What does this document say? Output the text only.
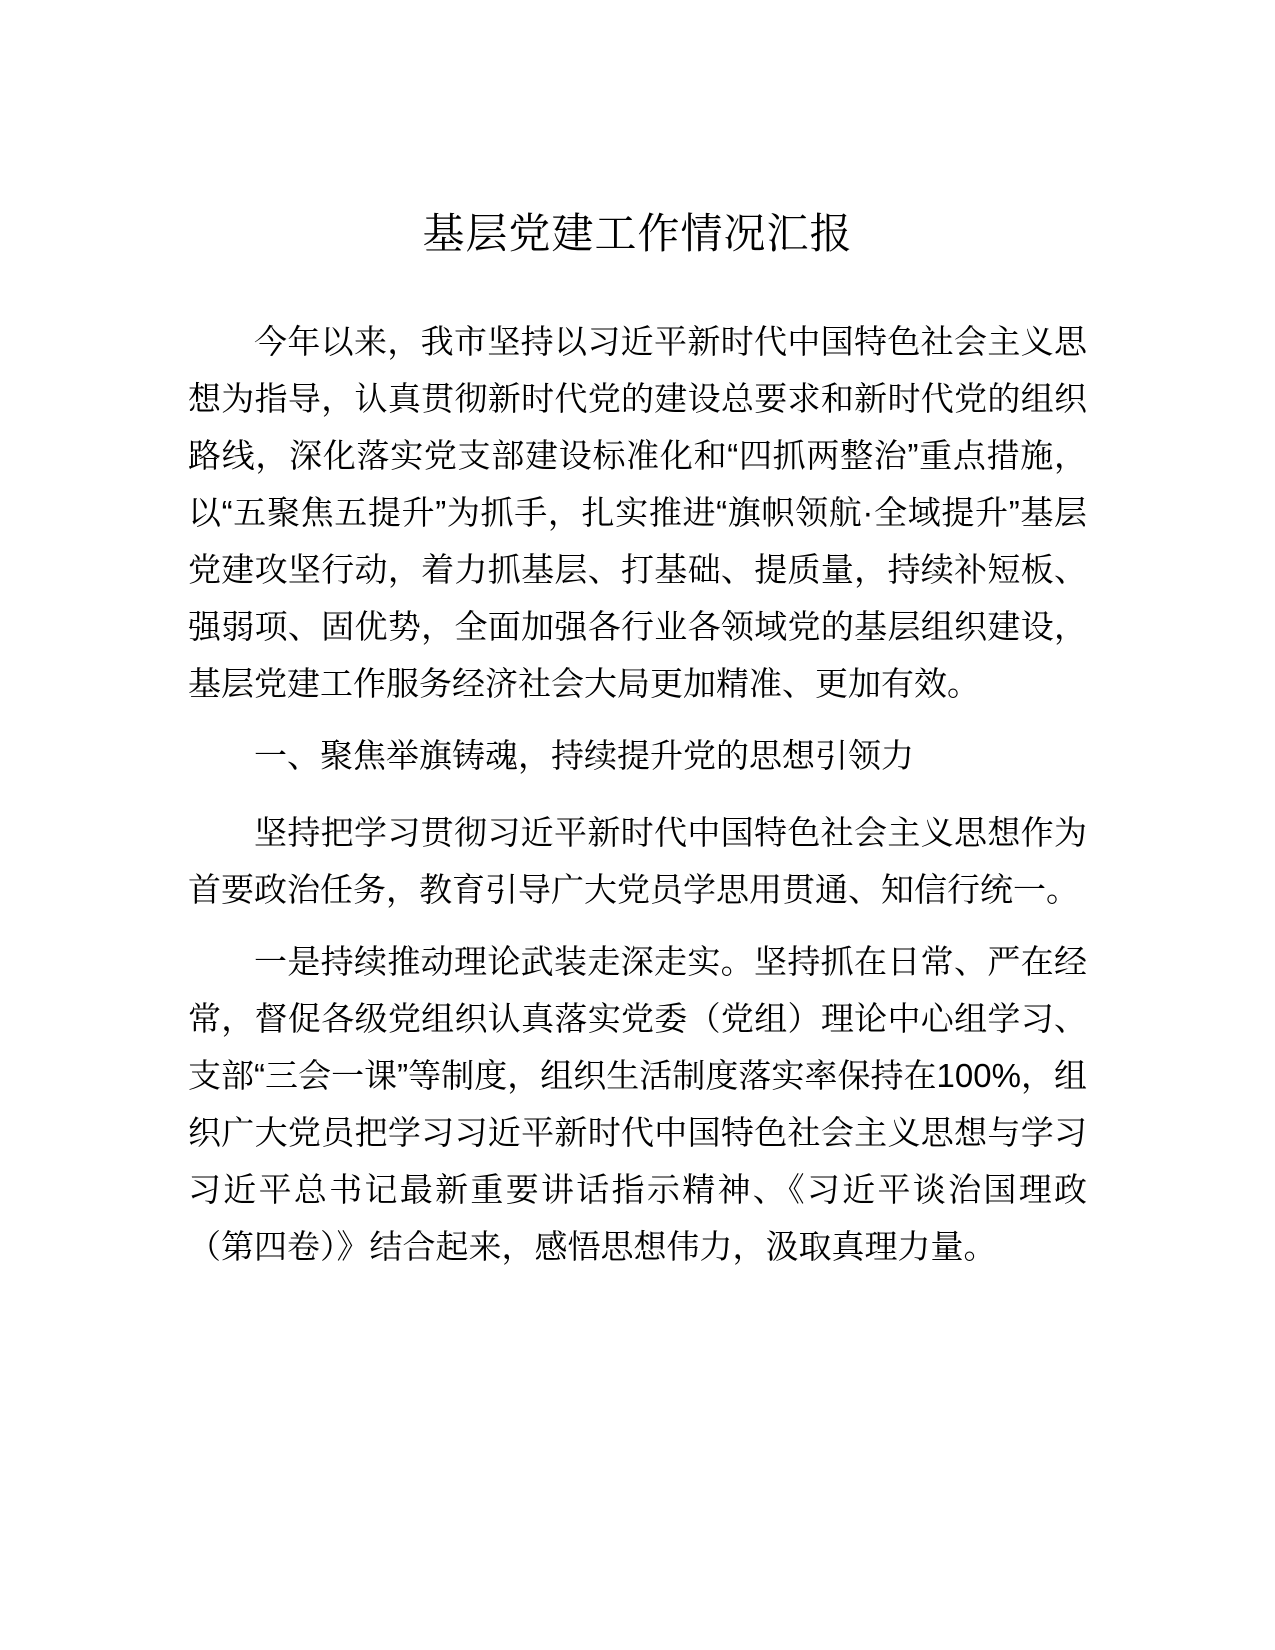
基层党建工作情况汇报

今年以来，我市坚持以习近平新时代中国特色社会主义思想为指导，认真贯彻新时代党的建设总要求和新时代党的组织路线，深化落实党支部建设标准化和“四抓两整治”重点措施，以“五聚焦五提升”为抓手，扎实推进“旗帜领航·全域提升”基层党建攻坚行动，着力抓基层、打基础、提质量，持续补短板、强弱项、固优势，全面加强各行业各领域党的基层组织建设，基层党建工作服务经济社会大局更加精准、更加有效。

一、聚焦举旗铸魂，持续提升党的思想引领力

坚持把学习贯彻习近平新时代中国特色社会主义思想作为首要政治任务，教育引导广大党员学思用贯通、知信行统一。

一是持续推动理论武装走深走实。坚持抓在日常、严在经常，督促各级党组织认真落实党委（党组）理论中心组学习、支部“三会一课”等制度，组织生活制度落实率保持在100%，组织广大党员把学习习近平新时代中国特色社会主义思想与学习习近平总书记最新重要讲话指示精神、《习近平谈治国理政（第四卷）》结合起来，感悟思想伟力，汲取真理力量。
